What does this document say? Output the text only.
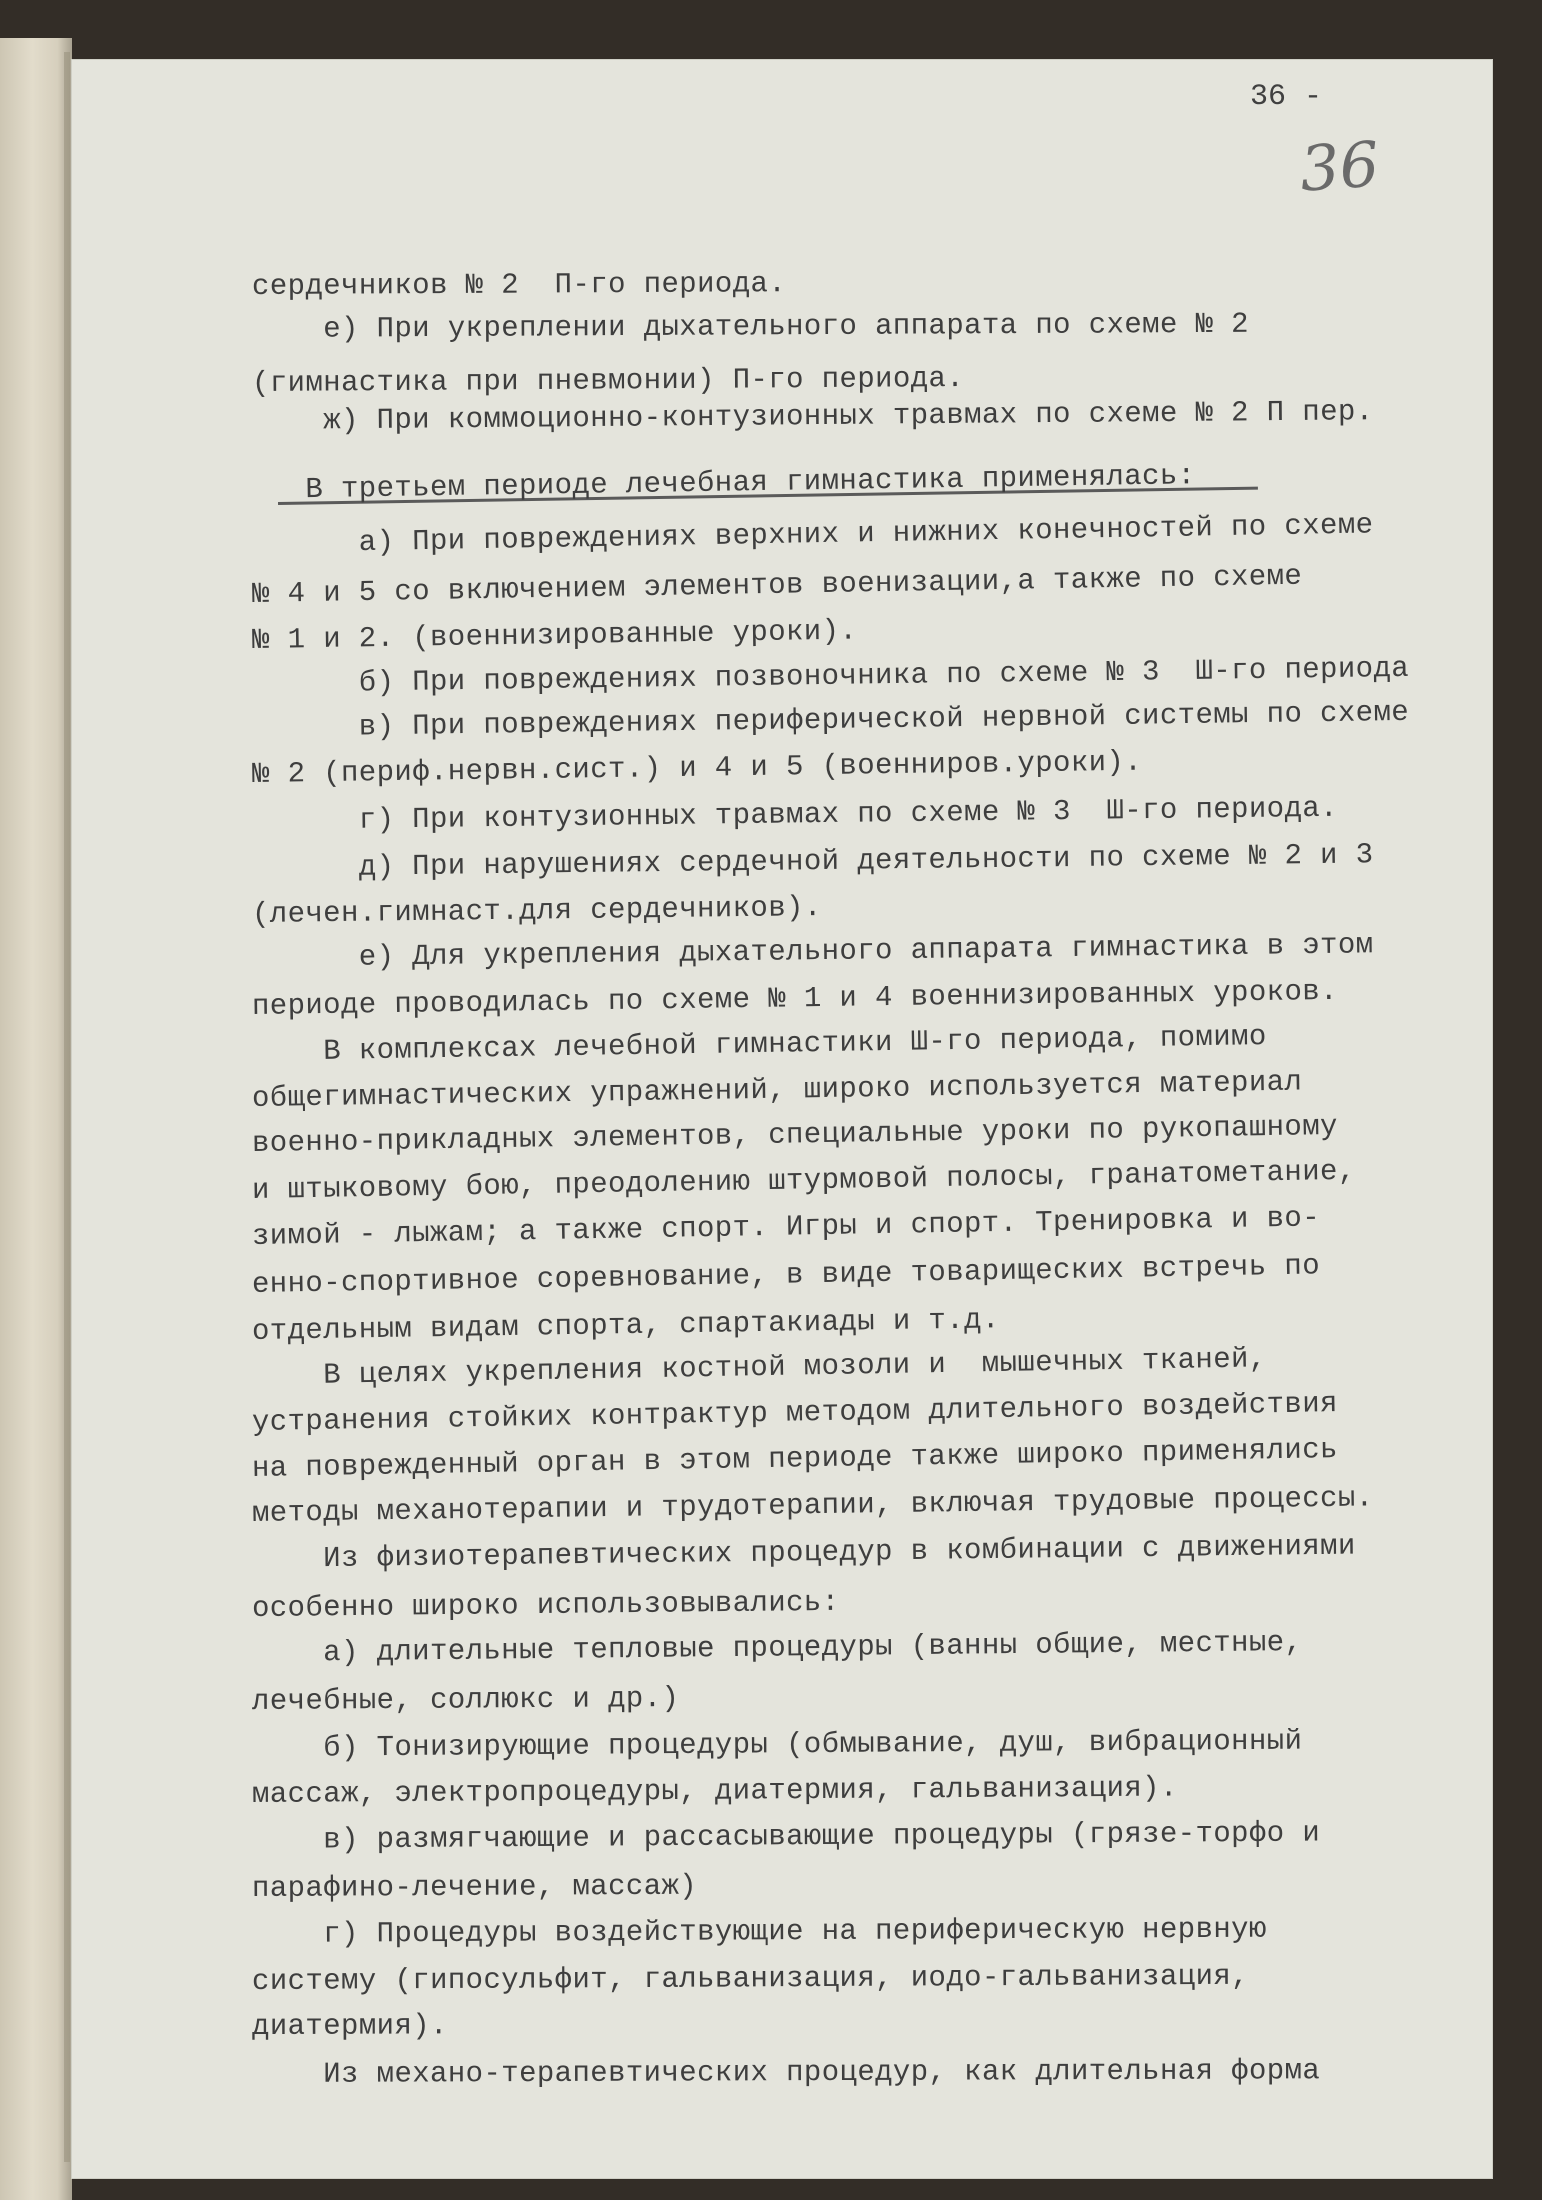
36 -
36
сердечников № 2  П-го периода.
е) При укреплении дыхательного аппарата по схеме № 2
(гимнастика при пневмонии) П-го периода.
ж) При коммоционно-контузионных травмах по схеме № 2 П пер.
В третьем периоде лечебная гимнастика применялась:
а) При повреждениях верхних и нижних конечностей по схеме
№ 4 и 5 со включением элементов военизации,а также по схеме
№ 1 и 2. (военнизированные уроки).
б) При повреждениях позвоночника по схеме № 3  Ш-го периода
в) При повреждениях периферической нервной системы по схеме
№ 2 (периф.нервн.сист.) и 4 и 5 (военниров.уроки).
г) При контузионных травмах по схеме № 3  Ш-го периода.
д) При нарушениях сердечной деятельности по схеме № 2 и 3
(лечен.гимнаст.для сердечников).
е) Для укрепления дыхательного аппарата гимнастика в этом
периоде проводилась по схеме № 1 и 4 военнизированных уроков.
В комплексах лечебной гимнастики Ш-го периода, помимо
общегимнастических упражнений, широко используется материал
военно-прикладных элементов, специальные уроки по рукопашному
и штыковому бою, преодолению штурмовой полосы, гранатометание,
зимой - лыжам; а также спорт. Игры и спорт. Тренировка и во-
енно-спортивное соревнование, в виде товарищеских встречь по
отдельным видам спорта, спартакиады и т.д.
В целях укрепления костной мозоли и  мышечных тканей,
устранения стойких контрактур методом длительного воздействия
на поврежденный орган в этом периоде также широко применялись
методы механотерапии и трудотерапии, включая трудовые процессы.
Из физиотерапевтических процедур в комбинации с движениями
особенно широко использовывались:
а) длительные тепловые процедуры (ванны общие, местные,
лечебные, соллюкс и др.)
б) Тонизирующие процедуры (обмывание, душ, вибрационный
массаж, электропроцедуры, диатермия, гальванизация).
в) размягчающие и рассасывающие процедуры (грязе-торфо и
парафино-лечение, массаж)
г) Процедуры воздействующие на периферическую нервную
систему (гипосульфит, гальванизация, иодо-гальванизация,
диатермия).
Из механо-терапевтических процедур, как длительная форма
